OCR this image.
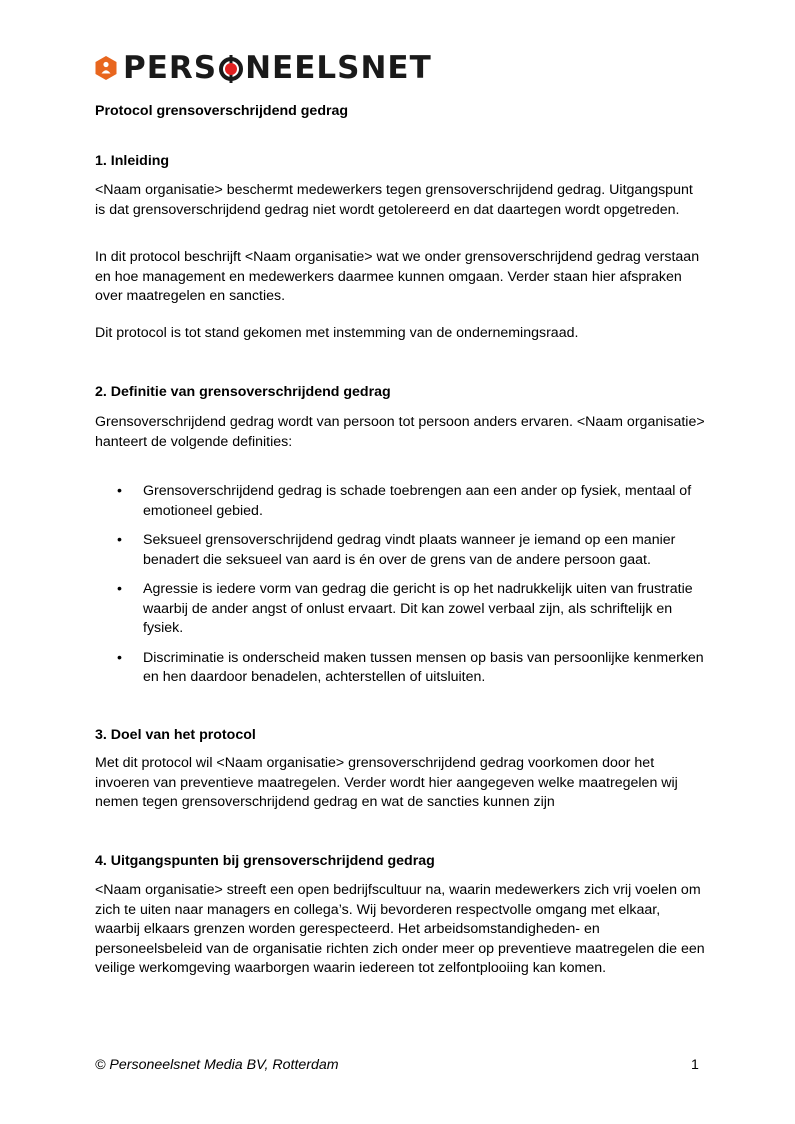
PERS NEELSNET
Protocol grensoverschrijdend gedrag
1. Inleiding

<Naam organisatie> beschermt medewerkers tegen grensoverschrijdend gedrag. Uitgangspunt is dat grensoverschrijdend gedrag niet wordt getolereerd en dat daartegen wordt opgetreden.

In dit protocol beschrijft <Naam organisatie> wat we onder grensoverschrijdend gedrag verstaan en hoe management en medewerkers daarmee kunnen omgaan. Verder staan hier afspraken over maatregelen en sancties.

Dit protocol is tot stand gekomen met instemming van de ondernemingsraad.

2. Definitie van grensoverschrijdend gedrag

Grensoverschrijdend gedrag wordt van persoon tot persoon anders ervaren. <Naam organisatie> hanteert de volgende definities:

• Grensoverschrijdend gedrag is schade toebrengen aan een ander op fysiek, mentaal of emotioneel gebied.
• Seksueel grensoverschrijdend gedrag vindt plaats wanneer je iemand op een manier benadert die seksueel van aard is én over de grens van de andere persoon gaat.
• Agressie is iedere vorm van gedrag die gericht is op het nadrukkelijk uiten van frustratie waarbij de ander angst of onlust ervaart. Dit kan zowel verbaal zijn, als schriftelijk en fysiek.
• Discriminatie is onderscheid maken tussen mensen op basis van persoonlijke kenmerken en hen daardoor benadelen, achterstellen of uitsluiten.
3. Doel van het protocol

Met dit protocol wil <Naam organisatie> grensoverschrijdend gedrag voorkomen door het invoeren van preventieve maatregelen. Verder wordt hier aangegeven welke maatregelen wij nemen tegen grensoverschrijdend gedrag en wat de sancties kunnen zijn

4. Uitgangspunten bij grensoverschrijdend gedrag

<Naam organisatie> streeft een open bedrijfscultuur na, waarin medewerkers zich vrij voelen om zich te uiten naar managers en collega’s. Wij bevorderen respectvolle omgang met elkaar, waarbij elkaars grenzen worden gerespecteerd. Het arbeidsomstandigheden- en personeelsbeleid van de organisatie richten zich onder meer op preventieve maatregelen die een veilige werkomgeving waarborgen waarin iedereen tot zelfontplooiing kan komen.

© Personeelsnet Media BV, Rotterdam	1
